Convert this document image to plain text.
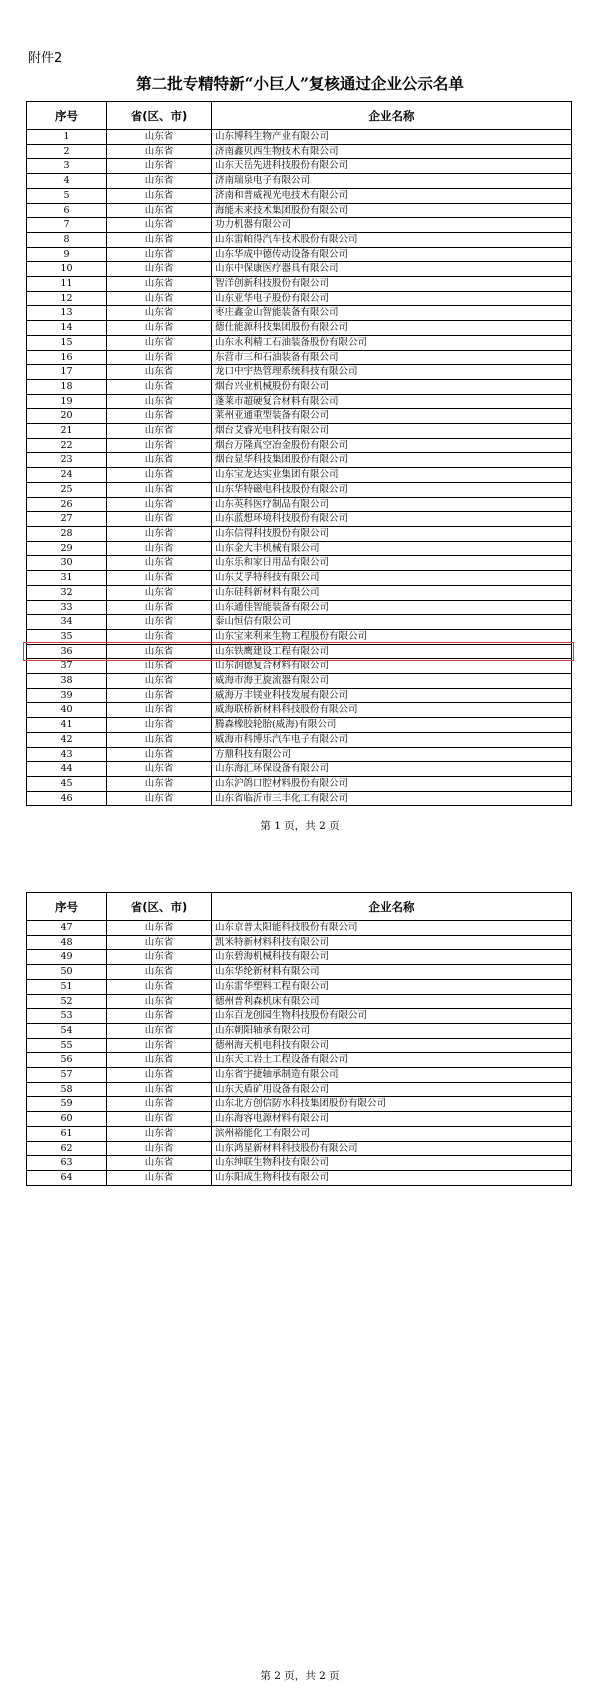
附件2
第二批专精特新“小巨人”复核通过企业公示名单
序号	省(区、市)	企业名称
1	山东省	山东博科生物产业有限公司
2	山东省	济南鑫贝西生物技术有限公司
3	山东省	山东天岳先进科技股份有限公司
4	山东省	济南瑞泉电子有限公司
5	山东省	济南和普威视光电技术有限公司
6	山东省	海能未来技术集团股份有限公司
7	山东省	功力机器有限公司
8	山东省	山东雷帕得汽车技术股份有限公司
9	山东省	山东华成中德传动设备有限公司
10	山东省	山东中保康医疗器具有限公司
11	山东省	智洋创新科技股份有限公司
12	山东省	山东亚华电子股份有限公司
13	山东省	枣庄鑫金山智能装备有限公司
14	山东省	德仕能源科技集团股份有限公司
15	山东省	山东永利精工石油装备股份有限公司
16	山东省	东营市三和石油装备有限公司
17	山东省	龙口中宇热管理系统科技有限公司
18	山东省	烟台兴业机械股份有限公司
19	山东省	蓬莱市超硬复合材料有限公司
20	山东省	莱州亚通重型装备有限公司
21	山东省	烟台艾睿光电科技有限公司
22	山东省	烟台万隆真空冶金股份有限公司
23	山东省	烟台显华科技集团股份有限公司
24	山东省	山东宝龙达实业集团有限公司
25	山东省	山东华特磁电科技股份有限公司
26	山东省	山东英科医疗制品有限公司
27	山东省	山东蓝想环境科技股份有限公司
28	山东省	山东信得科技股份有限公司
29	山东省	山东金大丰机械有限公司
30	山东省	山东乐和家日用品有限公司
31	山东省	山东艾孚特科技有限公司
32	山东省	山东硅科新材料有限公司
33	山东省	山东通佳智能装备有限公司
34	山东省	泰山恒信有限公司
35	山东省	山东宝来利来生物工程股份有限公司
36	山东省	山东铁鹰建设工程有限公司
37	山东省	山东润德复合材料有限公司
38	山东省	威海市海王旋流器有限公司
39	山东省	威海万丰镁业科技发展有限公司
40	山东省	威海联桥新材料科技股份有限公司
41	山东省	腾森橡胶轮胎(威海)有限公司
42	山东省	威海市科博乐汽车电子有限公司
43	山东省	方鼎科技有限公司
44	山东省	山东海汇环保设备有限公司
45	山东省	山东沪鸽口腔材料股份有限公司
46	山东省	山东省临沂市三丰化工有限公司
第 1 页，共 2 页
序号	省(区、市)	企业名称
47	山东省	山东京普太阳能科技股份有限公司
48	山东省	凯米特新材料科技有限公司
49	山东省	山东碧海机械科技有限公司
50	山东省	山东华纶新材料有限公司
51	山东省	山东雷华塑料工程有限公司
52	山东省	德州普利森机床有限公司
53	山东省	山东百龙创园生物科技股份有限公司
54	山东省	山东朝阳轴承有限公司
55	山东省	德州海天机电科技有限公司
56	山东省	山东天工岩土工程设备有限公司
57	山东省	山东省宇捷轴承制造有限公司
58	山东省	山东天盾矿用设备有限公司
59	山东省	山东北方创信防水科技集团股份有限公司
60	山东省	山东海容电源材料有限公司
61	山东省	滨州裕能化工有限公司
62	山东省	山东鸿星新材料科技股份有限公司
63	山东省	山东绅联生物科技有限公司
64	山东省	山东阳成生物科技有限公司
第 2 页，共 2 页
